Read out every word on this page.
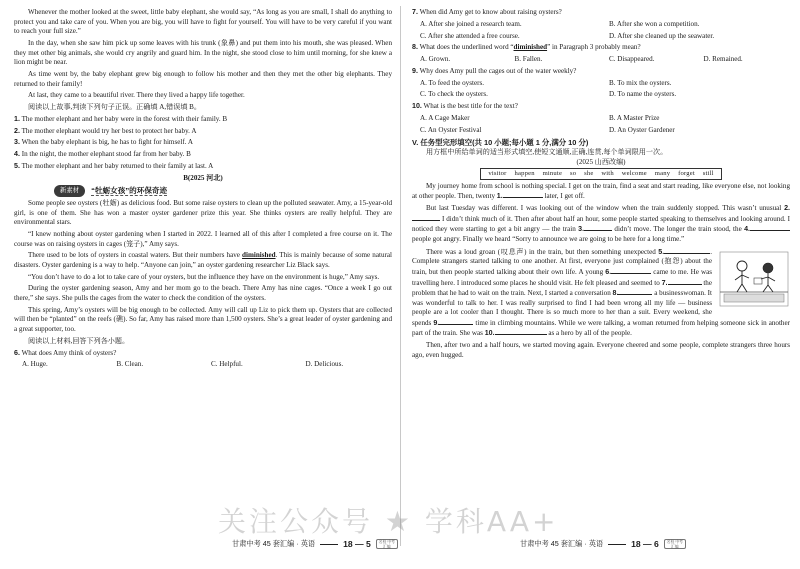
Whenever the mother looked at the sweet, little baby elephant, she would say, “As long as you are small, I shall do anything to protect you and take care of you. When you are big, you will have to fight for yourself. You will have to be very careful if you want to reach your full size.”

In the day, when she saw him pick up some leaves with his trunk (象鼻) and put them into his mouth, she was pleased. When they met other big animals, she would cry angrily and guard him. In the night, she stood close to him until morning, for she knew a lion might be near.

As time went by, the baby elephant grew big enough to follow his mother and then they met the other big elephants. They returned to their family!

At last, they came to a beautiful river. There they lived a happy life together.

阅读以上故事,判读下列句子正误。正确填 A,错误填 B。

1. The mother elephant and her baby were in the forest with their family. B

2. The mother elephant would try her best to protect her baby. A

3. When the baby elephant is big, he has to fight for himself. A

4. In the night, the mother elephant stood far from her baby. B

5. The mother elephant and her baby returned to their family at last. A

B(2025 河北)

新素材	“牡蛎女孩”的环保奇迹

Some people see oysters (牡蛎) as delicious food. But some raise oysters to clean up the polluted seawater. Amy, a 15-year-old girl, is one of them. She has won a master oyster gardener prize this year. She thinks oysters are really helpful. They are environmental stars.

“I knew nothing about oyster gardening when I started in 2022. I learned all of this after I completed a free course on it. The course was on raising oysters in cages (笼子),” Amy says.

There used to be lots of oysters in coastal waters. But their numbers have diminished. This is mainly because of some natural disasters. Oyster gardening is a way to help. “Anyone can join,” an oyster gardening researcher Liz Black says.

“You don’t have to do a lot to take care of your oysters, but the influence they have on the environment is huge,” Amy says.

During the oyster gardening season, Amy and her mom go to the beach. There Amy has nine cages. “Once a week I go out there,” she says. She pulls the cages from the water to check the condition of the oysters.

This spring, Amy’s oysters will be big enough to be collected. Amy will call up Liz to pick them up. Oysters that are collected will then be “planted” on the reefs (礁). So far, Amy has raised more than 1,500 oysters. She’s a great leader of oyster gardening and a great supporter, too.

阅读以上材料,回答下列各小题。

6. What does Amy think of oysters?

A. Huge.	B. Clean.	C. Helpful.	D. Delicious.

7. When did Amy get to know about raising oysters?

A. After she joined a research team.	B. After she won a competition.
C. After she attended a free course.	D. After she cleaned up the seawater.

8. What does the underlined word “diminished” in Paragraph 3 probably mean?

A. Grown.	B. Fallen.	C. Disappeared.	D. Remained.

9. Why does Amy pull the cages out of the water weekly?

A. To feed the oysters.	B. To mix the oysters.
C. To check the oysters.	D. To name the oysters.

10. What is the best title for the text?

A. A Cage Maker	B. A Master Prize
C. An Oyster Festival	D. An Oyster Gardener

V. 任务型完形填空(共 10 小题;每小题 1 分,满分 10 分)

用方框中所给单词的适当形式填空,使短文通顺,正确,连贯,每个单词限用一次。

(2025 山西改编)

visitor happen minute so she with welcome many forget still

My journey home from school is nothing special. I get on the train, find a seat and start reading, like everyone else, not looking at other people. Then, twenty 1.	later, I get off.

But last Tuesday was different. I was looking out of the window when the train suddenly stopped. This wasn’t unusual 2. I didn’t think much of it. Then after about half an hour, some people started speaking to themselves and looking around. I noticed they were starting to get a bit angry — the train 3.	didn’t move. The longer the train stood, the 4. people got angry. Finally we heard “Sorry to announce we are going to be here for a long time.”

There was a loud groan (叹息声) in the train, but then something unexpected 5.	. Complete strangers started talking to one another. At first, everyone just complained (抱怨) about the train, but then people started talking about their own life. A young 6.	came to me. He was travelling here. I introduced some places he should visit. He felt pleased and seemed to 7.	the problem that he had to wait on the train. Next, I started a conversation 8.	a businesswoman. It was wonderful to talk to her. I was really surprised to find I had been wrong all my life — business people are a lot cooler than I thought. There is so much more to her than a suit. Every weekend, she spends 9.	time in climbing mountains. While we were talking, a woman returned from helping someone sick in another part of the train. She was 10.	as a hero by all of the people.

Then, after two and a half hours, we started moving again. Everyone cheered and some people, complete strangers three hours ago, even hugged.

甘肃中考 45 套汇编 · 英语	18 — 5	名校 中考 汇编	甘肃中考 45 套汇编 · 英语	18 — 6	名校 中考 汇编
关注公众号 ★ 学科AA+
